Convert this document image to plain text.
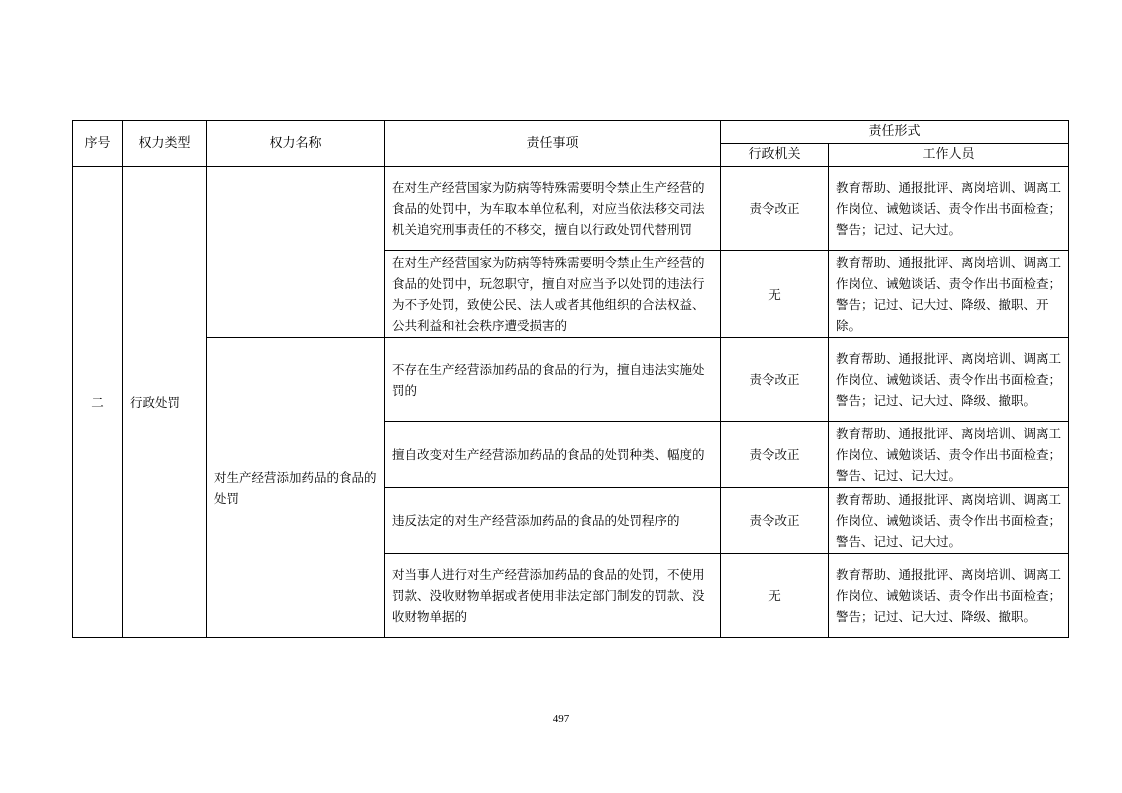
序号	权力类型	权力名称	责任事项	责任形式	
				行政机关	工作人员
二	行政处罚		在对生产经营国家为防病等特殊需要明令禁止生产经营的食品的处罚中，为车取本单位私利，对应当依法移交司法机关追究刑事责任的不移交，擅自以行政处罚代替刑罚	责令改正	教育帮助、通报批评、离岗培训、调离工作岗位、诫勉谈话、责令作出书面检查；警告；记过、记大过。
			在对生产经营国家为防病等特殊需要明令禁止生产经营的食品的处罚中，玩忽职守，擅自对应当予以处罚的违法行为不予处罚，致使公民、法人或者其他组织的合法权益、公共利益和社会秩序遭受损害的	无	教育帮助、通报批评、离岗培训、调离工作岗位、诫勉谈话、责令作出书面检查；警告；记过、记大过、降级、撤职、开除。
		对生产经营添加药品的食品的处罚	不存在生产经营添加药品的食品的行为，擅自违法实施处罚的	责令改正	教育帮助、通报批评、离岗培训、调离工作岗位、诫勉谈话、责令作出书面检查；警告；记过、记大过、降级、撤职。
			擅自改变对生产经营添加药品的食品的处罚种类、幅度的	责令改正	教育帮助、通报批评、离岗培训、调离工作岗位、诫勉谈话、责令作出书面检查；警告、记过、记大过。
			违反法定的对生产经营添加药品的食品的处罚程序的	责令改正	教育帮助、通报批评、离岗培训、调离工作岗位、诫勉谈话、责令作出书面检查；警告、记过、记大过。
			对当事人进行对生产经营添加药品的食品的处罚，不使用罚款、没收财物单据或者使用非法定部门制发的罚款、没收财物单据的	无	教育帮助、通报批评、离岗培训、调离工作岗位、诫勉谈话、责令作出书面检查；警告；记过、记大过、降级、撤职。
497
